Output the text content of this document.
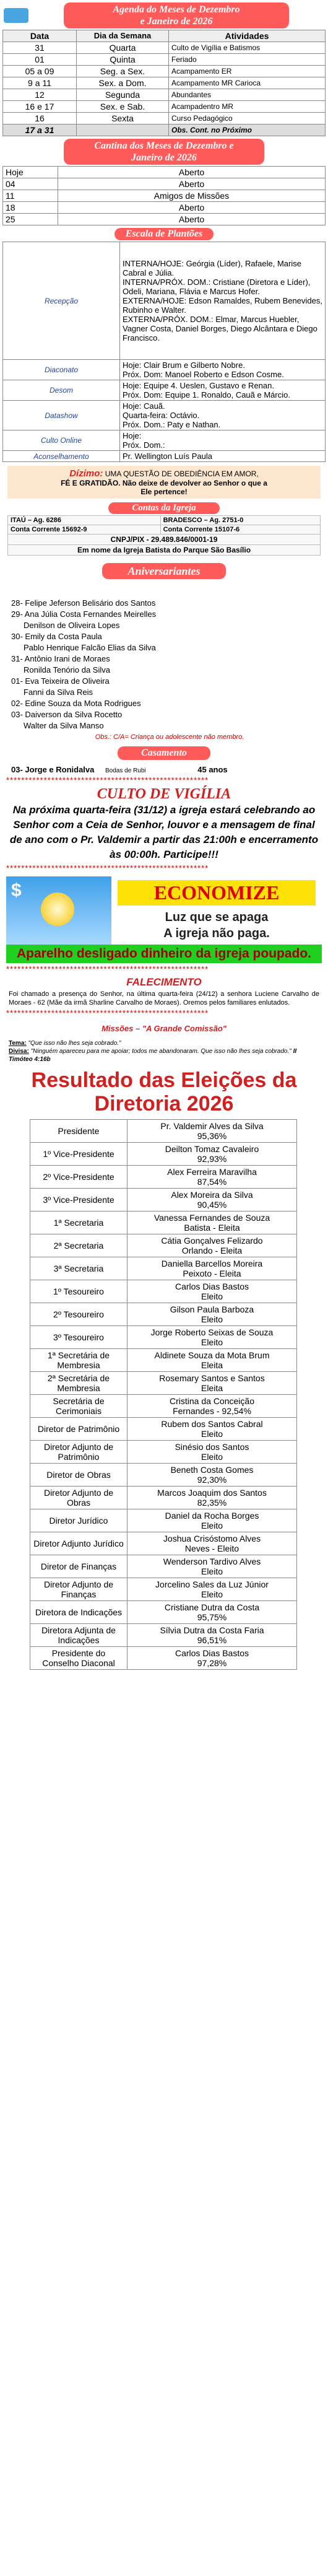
Agenda do Meses de Dezembro
e Janeiro de 2026
Data	Dia da Semana	Atividades
31	Quarta	Culto de Vigília e Batismos
01	Quinta	Feriado
05 a 09	Seg. a Sex.	Acampamento ER
9 a 11	Sex. a Dom.	Acampamento MR Carioca
12	Segunda	Abundantes
16 e 17	Sex. e Sab.	Acampadentro MR
16	Sexta	Curso Pedagógico
17 a 31		Obs. Cont. no Próximo
Cantina dos Meses de Dezembro e
Janeiro de 2026
Hoje	Aberto
04	Aberto
11	Amigos de Missões
18	Aberto
25	Aberto
Escala de Plantões
Recepção	INTERNA/HOJE: Geórgia (Líder), Rafaele, Marise Cabral e Júlia.
INTERNA/PRÓX. DOM.: Cristiane (Diretora e Líder), Odeli, Mariana, Flávia e Marcus Hofer.
EXTERNA/HOJE: Edson Ramaldes, Rubem Benevides, Rubinho e Walter.
EXTERNA/PRÓX. DOM.: Elmar, Marcus Huebler, Vagner Costa, Daniel Borges, Diego Alcântara e Diego Francisco.

Diaconato	Hoje: Clair Brum e Gilberto Nobre.
Próx. Dom: Manoel Roberto e Edson Cosme.

Desom	Hoje: Equipe 4. Ueslen, Gustavo e Renan.
Próx. Dom: Equipe 1. Ronaldo, Cauã e Márcio.

Datashow	Hoje: Cauã.
Quarta-feira: Octávio.
Próx. Dom.: Paty e Nathan.

Culto Online	Hoje:
Próx. Dom.:

Aconselhamento	Pr. Wellington Luís Paula
Dízimo: UMA QUESTÃO DE OBEDIÊNCIA EM AMOR,
FÉ E GRATIDÃO. Não deixe de devolver ao Senhor o que a
Ele pertence!
Contas da Igreja
ITAÚ – Ag. 6286	BRADESCO – Ag. 2751-0
Conta Corrente 15692-9	Conta Corrente 15107-6
CNPJ/PIX - 29.489.846/0001-19	
Em nome da Igreja Batista do Parque São Basílio	
Aniversariantes
28- Felipe Jeferson Belisário dos Santos
29- Ana Júlia Costa Fernandes Meirelles
Denilson de Oliveira Lopes
30- Emily da Costa Paula
Pablo Henrique Falcão Elias da Silva
31- Antônio Irani de Moraes
Ronilda Tenório da Silva
01- Eva Teixeira de Oliveira
Fanni da Silva Reis
02- Edine Souza da Mota Rodrigues
03- Daiverson da Silva Rocetto
Walter da Silva Manso
Obs.: C/A= Criança ou adolescente não membro.
Casamento
03- Jorge e Ronidalva Bodas de Rubi	45 anos
******************************************************
CULTO DE VIGÍLIA
Na próxima quarta-feira (31/12) a igreja estará celebrando ao Senhor com a Ceia de Senhor, louvor e a mensagem de final de ano com o Pr. Valdemir a partir das 21:00h e encerramento às 00:00h. Participe!!!
******************************************************
$	ECONOMIZE
Luz que se apaga
A igreja não paga.
Aparelho desligado dinheiro da igreja poupado.
******************************************************
FALECIMENTO
Foi chamado a presença do Senhor, na última quarta-feira (24/12) a senhora Luciene Carvalho de Moraes - 62 (Mãe da irmã Sharline Carvalho de Moraes). Oremos pelos familiares enlutados.
******************************************************
Missões – "A Grande Comissão"
Tema: "Que isso não lhes seja cobrado."
Divisa: "Ninguém apareceu para me apoiar; todos me abandonaram. Que isso não lhes seja cobrado." II Timóteo 4:16b
Resultado das Eleições da
Diretoria 2026
Presidente	Pr. Valdemir Alves da Silva
95,36%

1º Vice-Presidente	Deilton Tomaz Cavaleiro
92,93%

2º Vice-Presidente	Alex Ferreira Maravilha
87,54%

3º Vice-Presidente	Alex Moreira da Silva
90,45%

1ª Secretaria	Vanessa Fernandes de Souza
Batista - Eleita

2ª Secretaria	Cátia Gonçalves Felizardo
Orlando - Eleita

3ª Secretaria	Daniella Barcellos Moreira
Peixoto - Eleita

1º Tesoureiro	Carlos Dias Bastos
Eleito

2º Tesoureiro	Gilson Paula Barboza
Eleito

3º Tesoureiro	Jorge Roberto Seixas de Souza
Eleito

1ª Secretária de Membresia	Aldinete Souza da Mota Brum
Eleita

2ª Secretária de Membresia	Rosemary Santos e Santos
Eleita

Secretária de Cerimoniais	Cristina da Conceição
Fernandes - 92,54%

Diretor de Patrimônio	Rubem dos Santos Cabral
Eleito

Diretor Adjunto de Patrimônio	Sinésio dos Santos
Eleito

Diretor de Obras	Beneth Costa Gomes
92,30%

Diretor Adjunto de Obras	Marcos Joaquim dos Santos
82,35%

Diretor Jurídico	Daniel da Rocha Borges
Eleito

Diretor Adjunto Jurídico	Joshua Crisóstomo Alves
Neves - Eleito

Diretor de Finanças	Wenderson Tardivo Alves
Eleito

Diretor Adjunto de Finanças	Jorcelino Sales da Luz Júnior
Eleito

Diretora de Indicações	Cristiane Dutra da Costa
95,75%

Diretora Adjunta de Indicações	Sílvia Dutra da Costa Faria
96,51%

Presidente do Conselho Diaconal	Carlos Dias Bastos
97,28%
